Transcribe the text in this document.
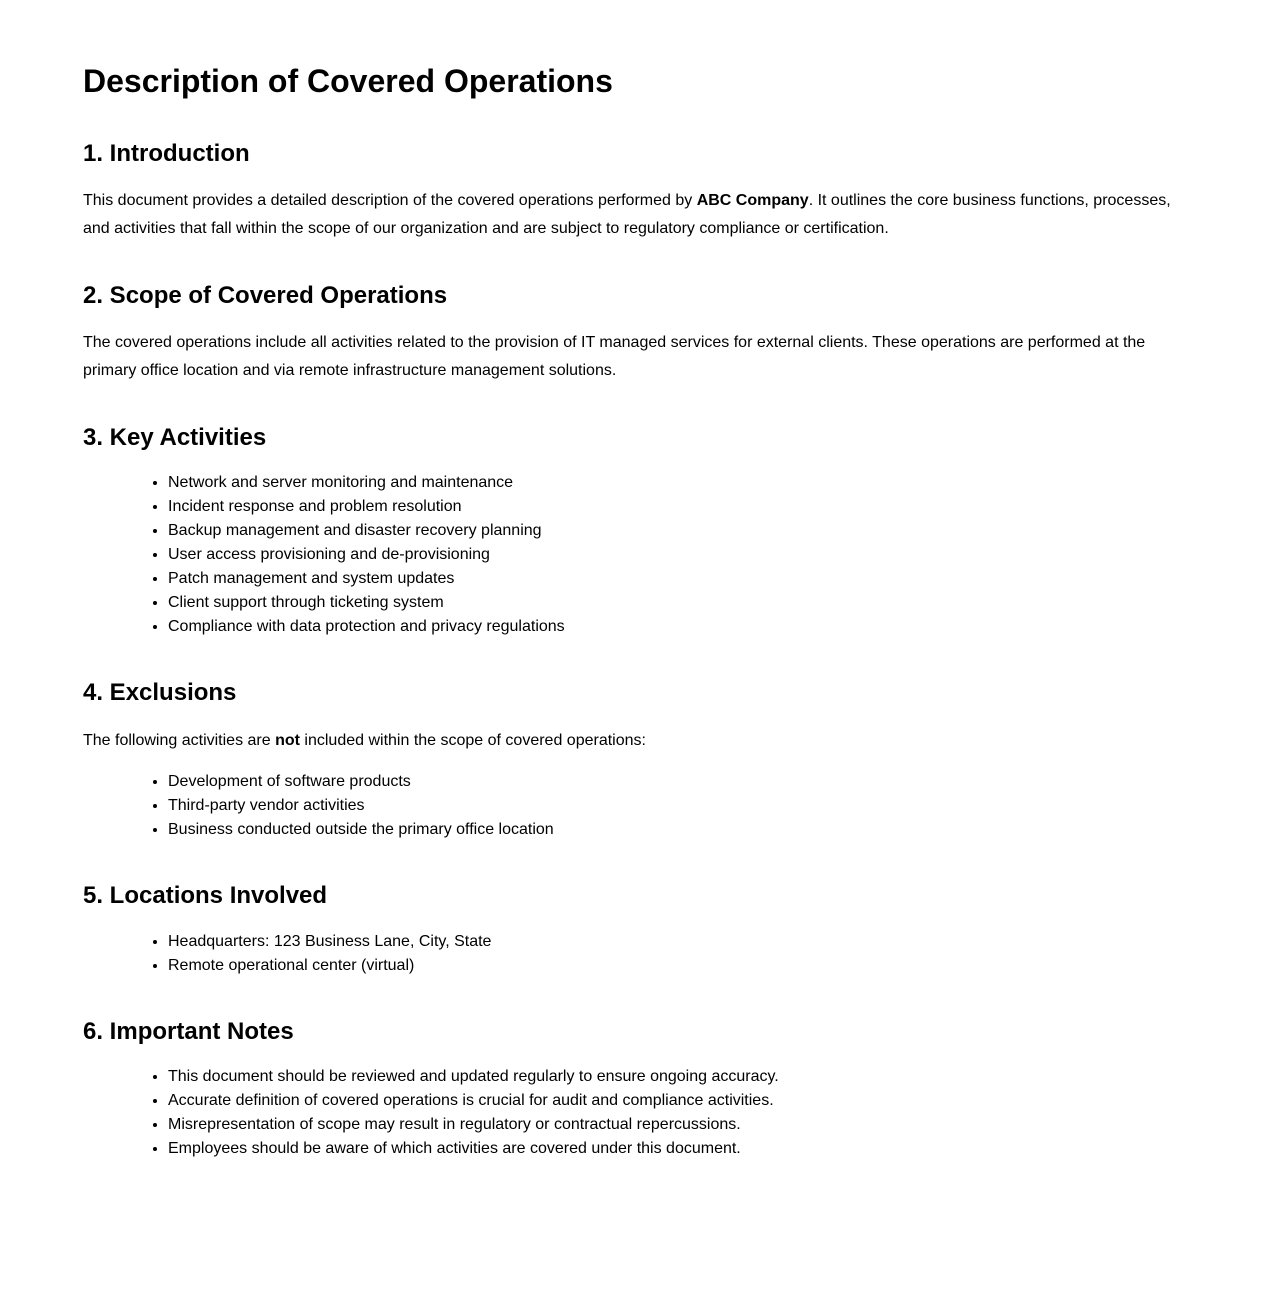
Description of Covered Operations
1. Introduction

This document provides a detailed description of the covered operations performed by ABC Company. It outlines the core business functions, processes, and activities that fall within the scope of our organization and are subject to regulatory compliance or certification.

2. Scope of Covered Operations

The covered operations include all activities related to the provision of IT managed services for external clients. These operations are performed at the primary office location and via remote infrastructure management solutions.

3. Key Activities
• Network and server monitoring and maintenance
• Incident response and problem resolution
• Backup management and disaster recovery planning
• User access provisioning and de-provisioning
• Patch management and system updates
• Client support through ticketing system
• Compliance with data protection and privacy regulations
4. Exclusions

The following activities are not included within the scope of covered operations:

• Development of software products
• Third-party vendor activities
• Business conducted outside the primary office location
5. Locations Involved
• Headquarters: 123 Business Lane, City, State
• Remote operational center (virtual)
6. Important Notes
• This document should be reviewed and updated regularly to ensure ongoing accuracy.
• Accurate definition of covered operations is crucial for audit and compliance activities.
• Misrepresentation of scope may result in regulatory or contractual repercussions.
• Employees should be aware of which activities are covered under this document.
